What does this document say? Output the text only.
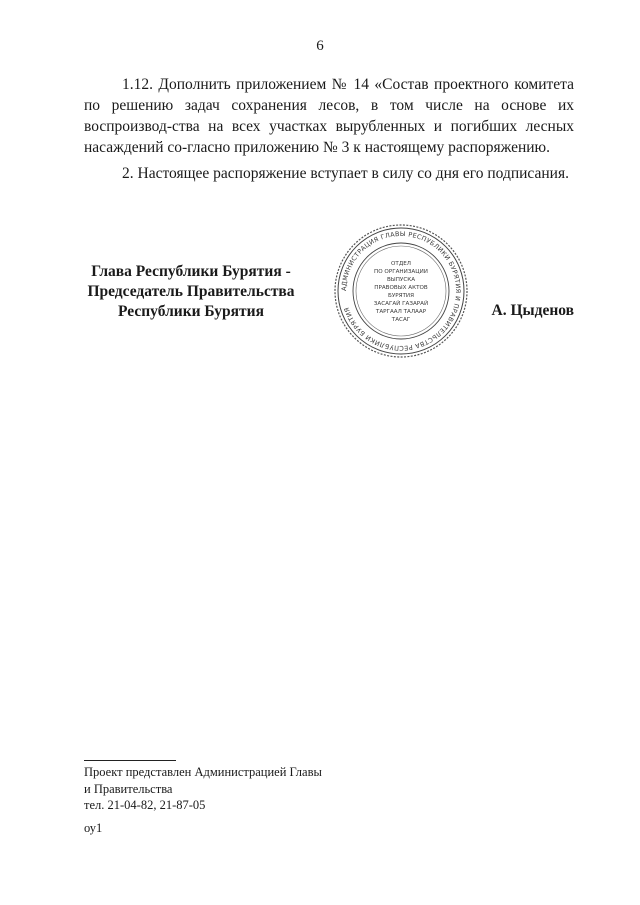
6

1.12. Дополнить приложением № 14 «Состав проектного комитета по решению задач сохранения лесов, в том числе на основе их воспроизвод-ства на всех участках вырубленных и погибших лесных насаждений со-гласно приложению № 3 к настоящему распоряжению.

2. Настоящее распоряжение вступает в силу со дня его подписания.

Глава Республики Бурятия -
Председатель Правительства
Республики Бурятия
АДМИНИСТРАЦИЯ ГЛАВЫ РЕСПУБЛИКИ БУРЯТИЯ И ПРАВИТЕЛЬСТВА РЕСПУБЛИКИ БУРЯТИЯ
ОТДЕЛ
ПО ОРГАНИЗАЦИИ
ВЫПУСКА
ПРАВОВЫХ АКТОВ
БУРЯТИЯ
ЗАСАГАЙ ГАЗАРАЙ
ТАРГААЛ ТАЛААР
ТАСАГ
А. Цыденов
Проект представлен Администрацией Главы
и Правительства
тел. 21-04-82, 21-87-05
оу1
